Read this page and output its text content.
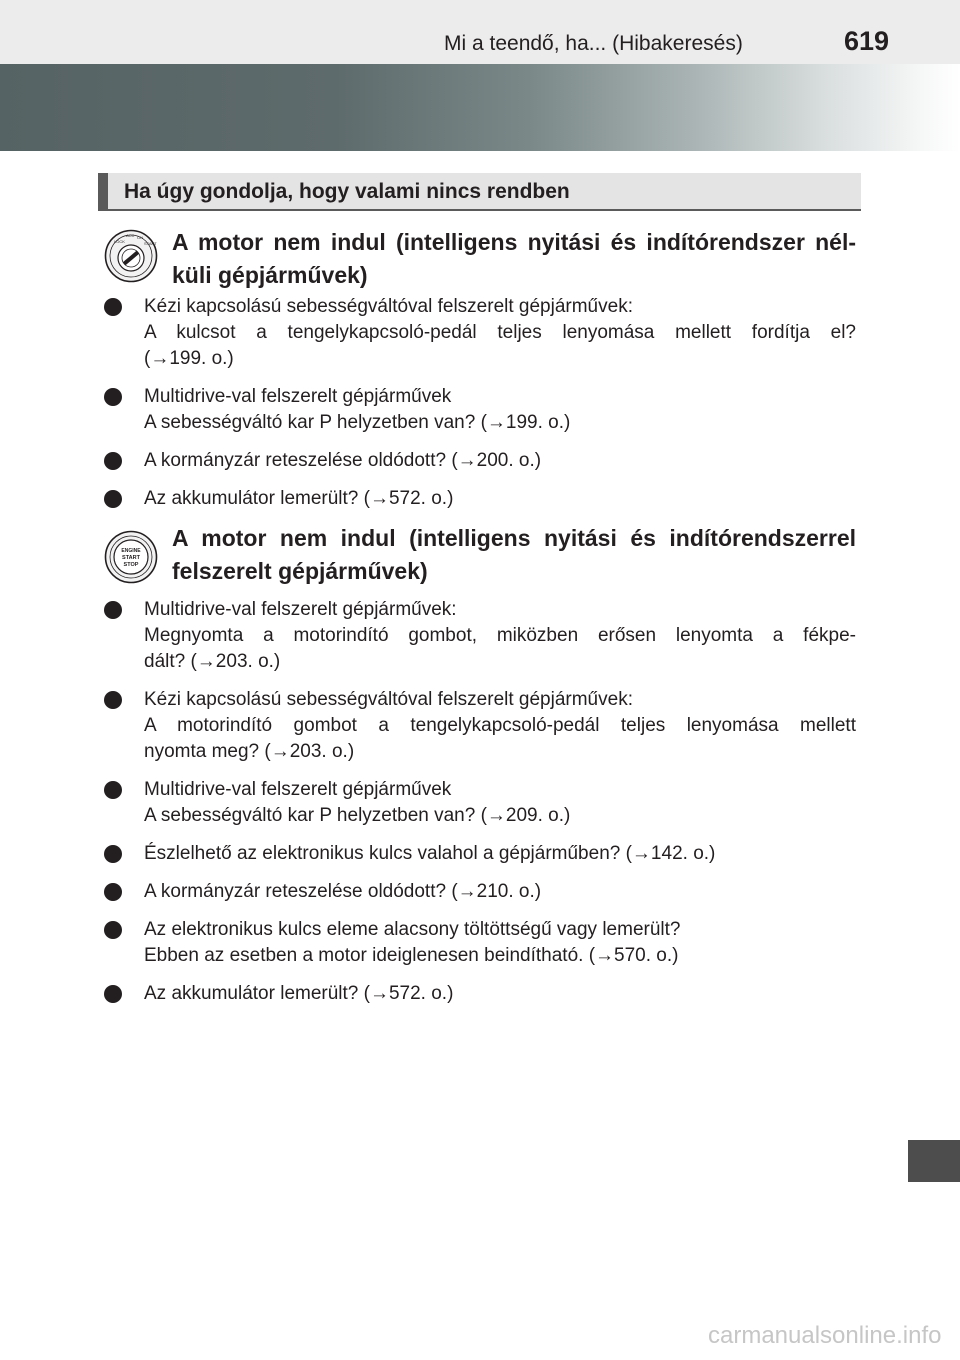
Mi a teendő, ha... (Hibakeresés)	619
Ha úgy gondolja, hogy valami nincs rendben
LOCK
ACC ON
START A motor nem indul (intelligens nyitási és indítórendszer nél-
küli gépjárművek)
Kézi kapcsolású sebességváltóval felszerelt gépjárművek:
A kulcsot a tengelykapcsoló-pedál teljes lenyomása mellett fordítja el?
(→199. o.)
Multidrive-val felszerelt gépjárművek
A sebességváltó kar P helyzetben van? (→199. o.)
A kormányzár reteszelése oldódott? (→200. o.)
Az akkumulátor lemerült? (→572. o.)
ENGINE
START
STOP
A motor nem indul (intelligens nyitási és indítórendszerrel
felszerelt gépjárművek)
Multidrive-val felszerelt gépjárművek:
Megnyomta a motorindító gombot, miközben erősen lenyomta a fékpe-
dált? (→203. o.)
Kézi kapcsolású sebességváltóval felszerelt gépjárművek:
A motorindító gombot a tengelykapcsoló-pedál teljes lenyomása mellett
nyomta meg? (→203. o.)
Multidrive-val felszerelt gépjárművek
A sebességváltó kar P helyzetben van? (→209. o.)
Észlelhető az elektronikus kulcs valahol a gépjárműben? (→142. o.)
A kormányzár reteszelése oldódott? (→210. o.)
Az elektronikus kulcs eleme alacsony töltöttségű vagy lemerült?
Ebben az esetben a motor ideiglenesen beindítható. (→570. o.)
Az akkumulátor lemerült? (→572. o.)
carmanualsonline.info
